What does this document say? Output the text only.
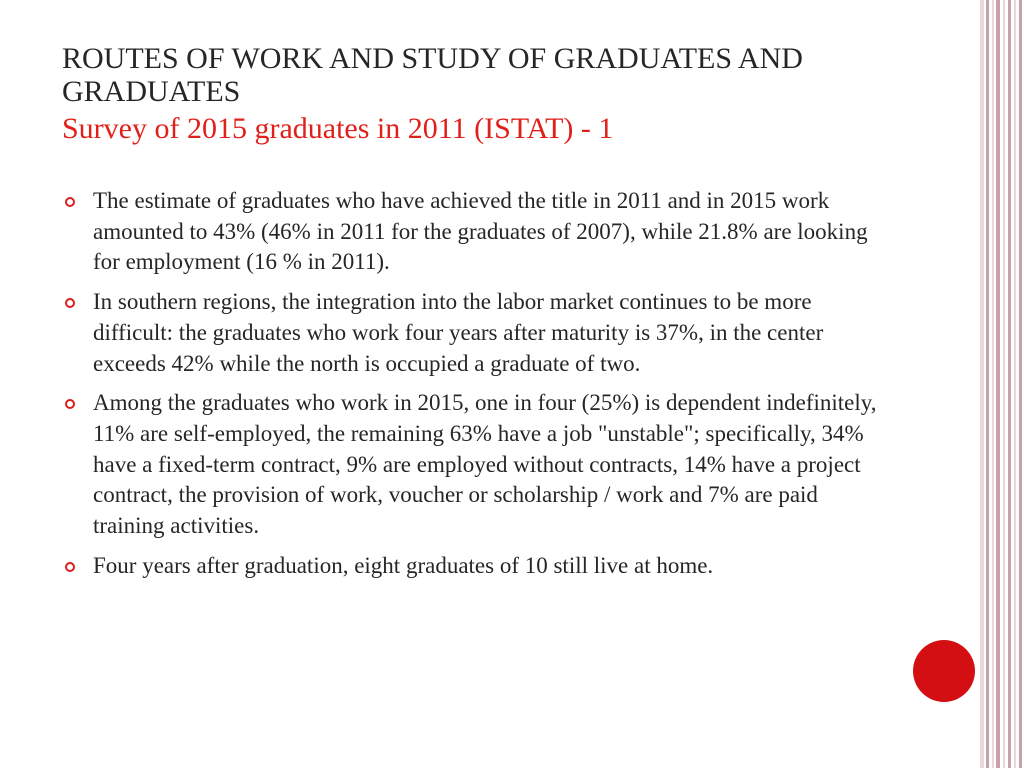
ROUTES OF WORK AND STUDY OF GRADUATES AND GRADUATES
Survey of 2015 graduates in 2011 (ISTAT) - 1
The estimate of graduates who have achieved the title in 2011 and in 2015 work amounted to 43% (46% in 2011 for the graduates of 2007), while 21.8% are looking for employment (16 % in 2011).
In southern regions, the integration into the labor market continues to be more difficult: the graduates who work four years after maturity is 37%, in the center exceeds 42% while the north is occupied a graduate of two.
Among the graduates who work in 2015, one in four (25%) is dependent indefinitely, 11% are self-employed, the remaining 63% have a job "unstable"; specifically, 34% have a fixed-term contract, 9% are employed without contracts, 14% have a project contract, the provision of work, voucher or scholarship / work and 7% are paid training activities.
Four years after graduation, eight graduates of 10 still live at home.
